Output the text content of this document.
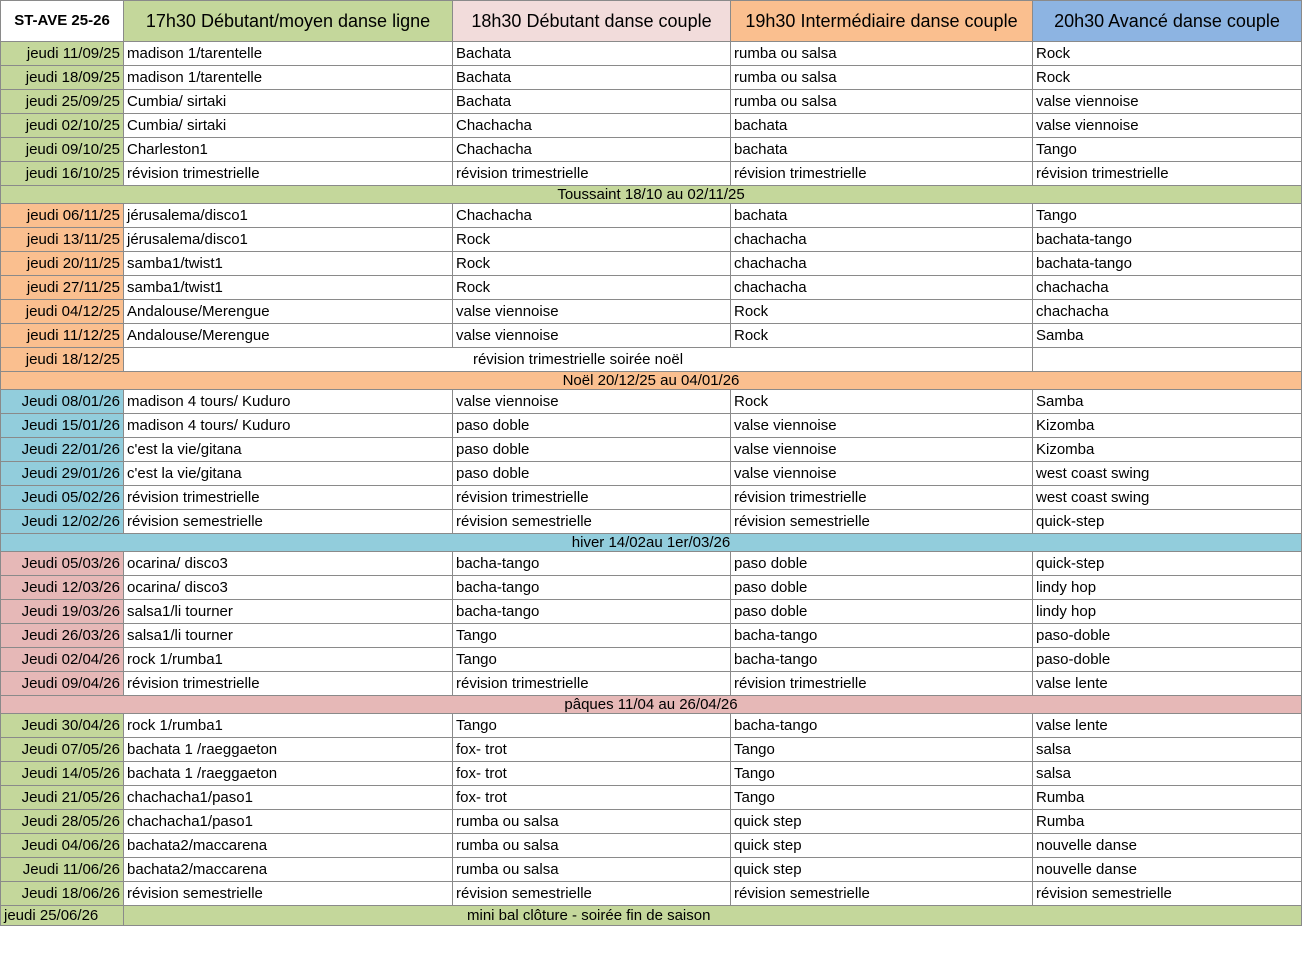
ST-AVE 25-26	17h30 Débutant/moyen danse ligne	18h30 Débutant danse couple	19h30 Intermédiaire danse couple	20h30 Avancé danse couple
jeudi 11/09/25	madison 1/tarentelle	Bachata	rumba ou salsa	Rock
jeudi 18/09/25	madison 1/tarentelle	Bachata	rumba ou salsa	Rock
jeudi 25/09/25	Cumbia/ sirtaki	Bachata	rumba ou salsa	valse viennoise
jeudi 02/10/25	Cumbia/ sirtaki	Chachacha	bachata	valse viennoise
jeudi 09/10/25	Charleston1	Chachacha	bachata	Tango
jeudi 16/10/25	révision trimestrielle	révision trimestrielle	révision trimestrielle	révision trimestrielle
Toussaint 18/10 au 02/11/25				
jeudi 06/11/25	jérusalema/disco1	Chachacha	bachata	Tango
jeudi 13/11/25	jérusalema/disco1	Rock	chachacha	bachata-tango
jeudi 20/11/25	samba1/twist1	Rock	chachacha	bachata-tango
jeudi 27/11/25	samba1/twist1	Rock	chachacha	chachacha
jeudi 04/12/25	Andalouse/Merengue	valse viennoise	Rock	chachacha
jeudi 11/12/25	Andalouse/Merengue	valse viennoise	Rock	Samba
jeudi 18/12/25	révision trimestrielle soirée noël			
Noël 20/12/25 au 04/01/26				
Jeudi 08/01/26	madison 4 tours/ Kuduro	valse viennoise	Rock	Samba
Jeudi 15/01/26	madison 4 tours/ Kuduro	paso doble	valse viennoise	Kizomba
Jeudi 22/01/26	c'est la vie/gitana	paso doble	valse viennoise	Kizomba
Jeudi 29/01/26	c'est la vie/gitana	paso doble	valse viennoise	west coast swing
Jeudi 05/02/26	révision trimestrielle	révision trimestrielle	révision trimestrielle	west coast swing
Jeudi 12/02/26	révision semestrielle	révision semestrielle	révision semestrielle	quick-step
hiver 14/02au 1er/03/26				
Jeudi 05/03/26	ocarina/ disco3	bacha-tango	paso doble	quick-step
Jeudi 12/03/26	ocarina/ disco3	bacha-tango	paso doble	lindy hop
Jeudi 19/03/26	salsa1/li tourner	bacha-tango	paso doble	lindy hop
Jeudi 26/03/26	salsa1/li tourner	Tango	bacha-tango	paso-doble
Jeudi 02/04/26	rock 1/rumba1	Tango	bacha-tango	paso-doble
Jeudi 09/04/26	révision trimestrielle	révision trimestrielle	révision trimestrielle	valse lente
pâques 11/04 au 26/04/26				
Jeudi 30/04/26	rock 1/rumba1	Tango	bacha-tango	valse lente
Jeudi 07/05/26	bachata 1 /raeggaeton	fox- trot	Tango	salsa
Jeudi 14/05/26	bachata 1 /raeggaeton	fox- trot	Tango	salsa
Jeudi 21/05/26	chachacha1/paso1	fox- trot	Tango	Rumba
Jeudi 28/05/26	chachacha1/paso1	rumba ou salsa	quick step	Rumba
Jeudi 04/06/26	bachata2/maccarena	rumba ou salsa	quick step	nouvelle danse
Jeudi 11/06/26	bachata2/maccarena	rumba ou salsa	quick step	nouvelle danse
Jeudi 18/06/26	révision semestrielle	révision semestrielle	révision semestrielle	révision semestrielle
jeudi 25/06/26	mini bal clôture - soirée fin de saison			
